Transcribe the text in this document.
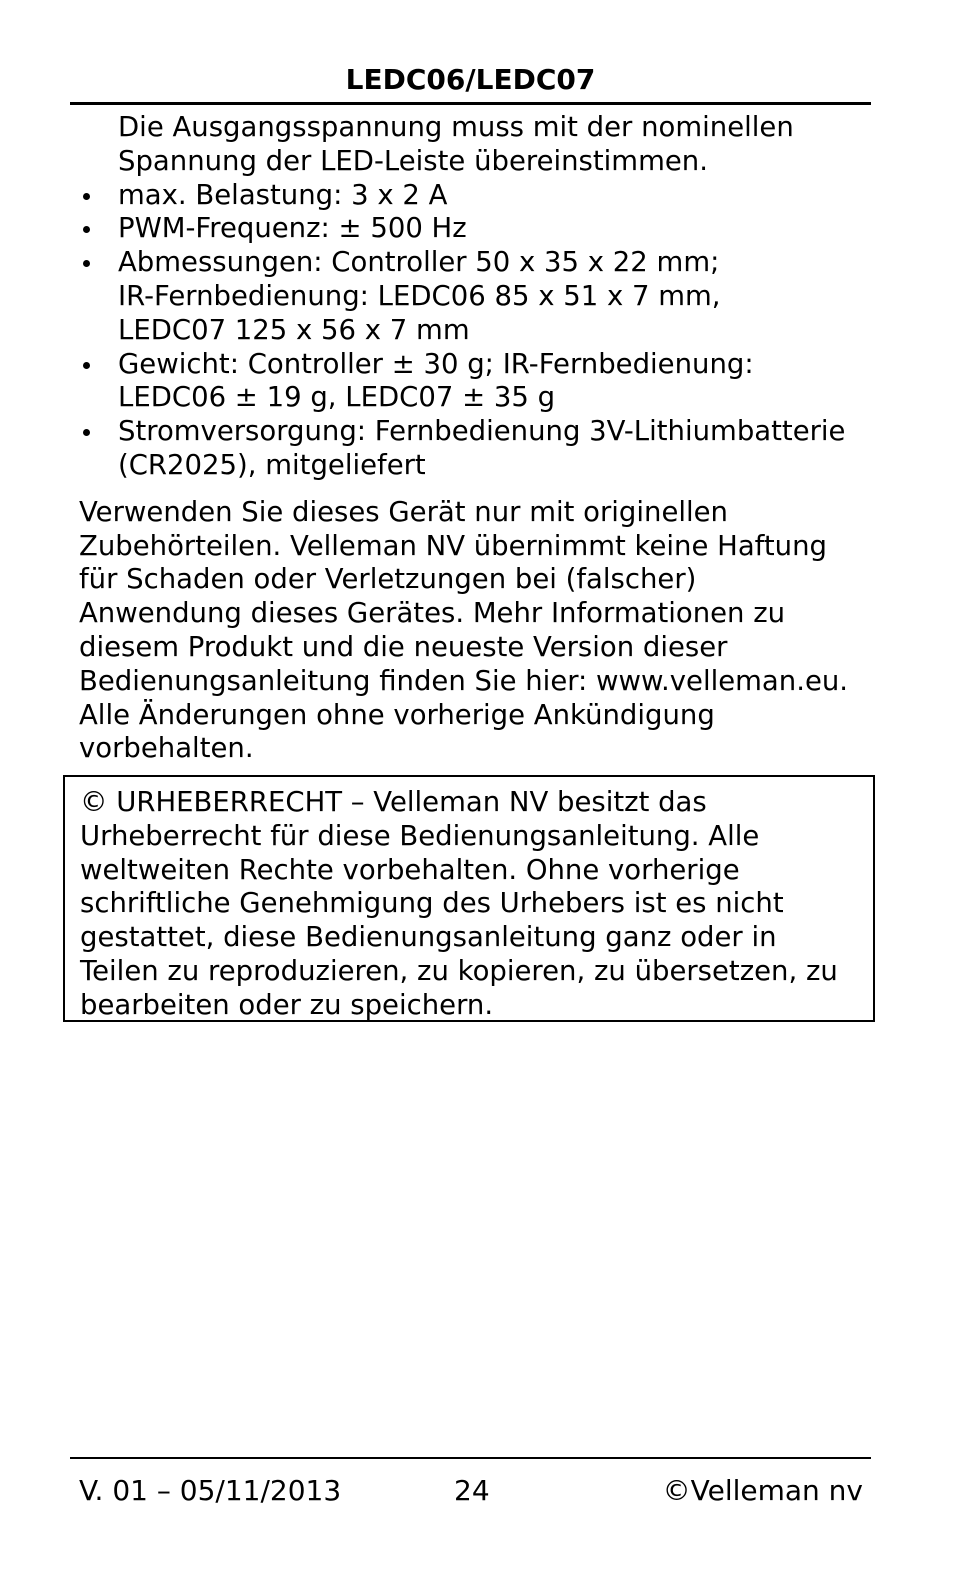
LEDC06/LEDC07
Die Ausgangsspannung muss mit der nominellen
Spannung der LED-Leiste übereinstimmen.
max. Belastung: 3 x 2 A
PWM-Frequenz: ± 500 Hz
Abmessungen: Controller 50 x 35 x 22 mm;
IR-Fernbedienung: LEDC06 85 x 51 x 7 mm,
LEDC07 125 x 56 x 7 mm
Gewicht: Controller ± 30 g; IR-Fernbedienung:
LEDC06 ± 19 g, LEDC07 ± 35 g
Stromversorgung: Fernbedienung 3V-Lithiumbatterie
(CR2025), mitgeliefert
Verwenden Sie dieses Gerät nur mit originellen
Zubehörteilen. Velleman NV übernimmt keine Haftung
für Schaden oder Verletzungen bei (falscher)
Anwendung dieses Gerätes. Mehr Informationen zu
diesem Produkt und die neueste Version dieser
Bedienungsanleitung finden Sie hier: www.velleman.eu.
Alle Änderungen ohne vorherige Ankündigung
vorbehalten.
© URHEBERRECHT – Velleman NV besitzt das
Urheberrecht für diese Bedienungsanleitung. Alle
weltweiten Rechte vorbehalten. Ohne vorherige
schriftliche Genehmigung des Urhebers ist es nicht
gestattet, diese Bedienungsanleitung ganz oder in
Teilen zu reproduzieren, zu kopieren, zu übersetzen, zu
bearbeiten oder zu speichern.
V. 01 – 05/11/2013	24	©Velleman nv
